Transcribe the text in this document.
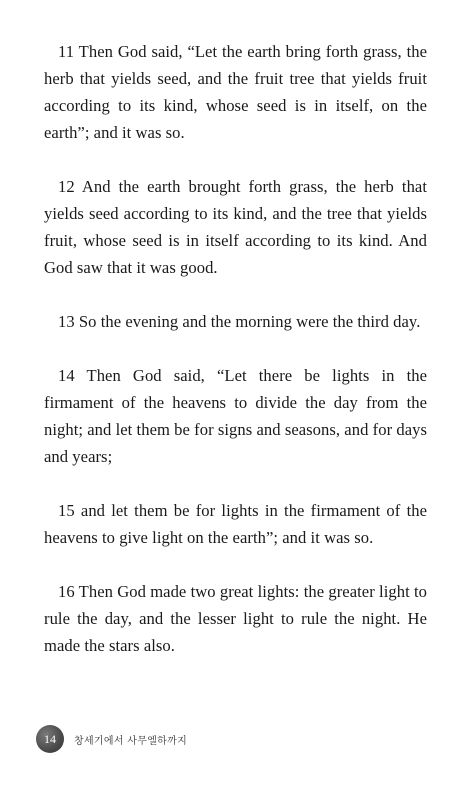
11 Then God said, “Let the earth bring forth grass, the herb that yields seed, and the fruit tree that yields fruit according to its kind, whose seed is in itself, on the earth”; and it was so.

12 And the earth brought forth grass, the herb that yields seed according to its kind, and the tree that yields fruit, whose seed is in itself according to its kind. And God saw that it was good.

13 So the evening and the morning were the third day.

14 Then God said, “Let there be lights in the firmament of the heavens to divide the day from the night; and let them be for signs and seasons, and for days and years;

15 and let them be for lights in the firmament of the heavens to give light on the earth”; and it was so.

16 Then God made two great lights: the greater light to rule the day, and the lesser light to rule the night. He made the stars also.

14	창세기에서 사무엘하까지
